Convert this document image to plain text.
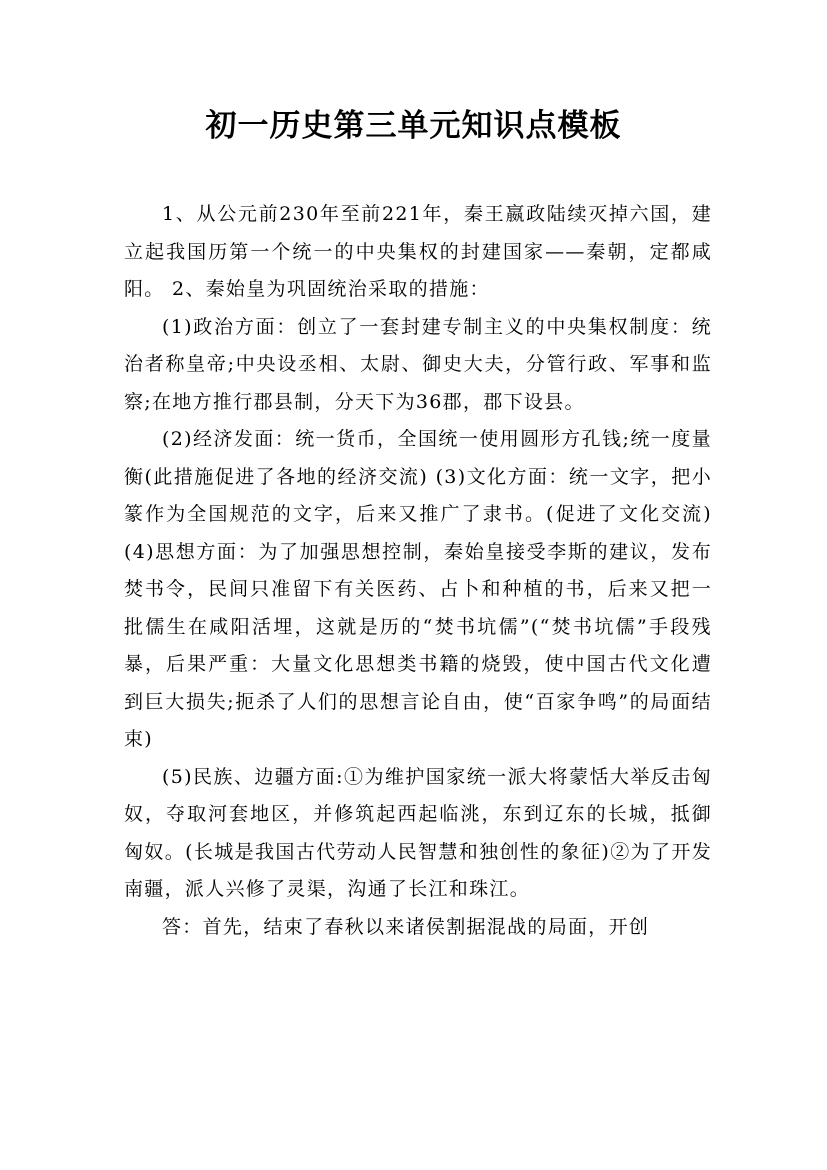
初一历史第三单元知识点模板

1、从公元前230年至前221年，秦王嬴政陆续灭掉六国，建立起我国历第一个统一的中央集权的封建国家——秦朝，定都咸阳。 2、秦始皇为巩固统治采取的措施：

(1)政治方面：创立了一套封建专制主义的中央集权制度：统治者称皇帝;中央设丞相、太尉、御史大夫，分管行政、军事和监察;在地方推行郡县制，分天下为36郡，郡下设县。

(2)经济发面：统一货币，全国统一使用圆形方孔钱;统一度量衡(此措施促进了各地的经济交流) (3)文化方面：统一文字，把小篆作为全国规范的文字，后来又推广了隶书。(促进了文化交流) (4)思想方面：为了加强思想控制，秦始皇接受李斯的建议，发布焚书令，民间只准留下有关医药、占卜和种植的书，后来又把一批儒生在咸阳活埋，这就是历的“焚书坑儒”(“焚书坑儒”手段残暴，后果严重：大量文化思想类书籍的烧毁，使中国古代文化遭到巨大损失;扼杀了人们的思想言论自由，使“百家争鸣”的局面结束)

(5)民族、边疆方面:①为维护国家统一派大将蒙恬大举反击匈奴，夺取河套地区，并修筑起西起临洮，东到辽东的长城，抵御匈奴。(长城是我国古代劳动人民智慧和独创性的象征)②为了开发南疆，派人兴修了灵渠，沟通了长江和珠江。

答：首先，结束了春秋以来诸侯割据混战的局面，开创
